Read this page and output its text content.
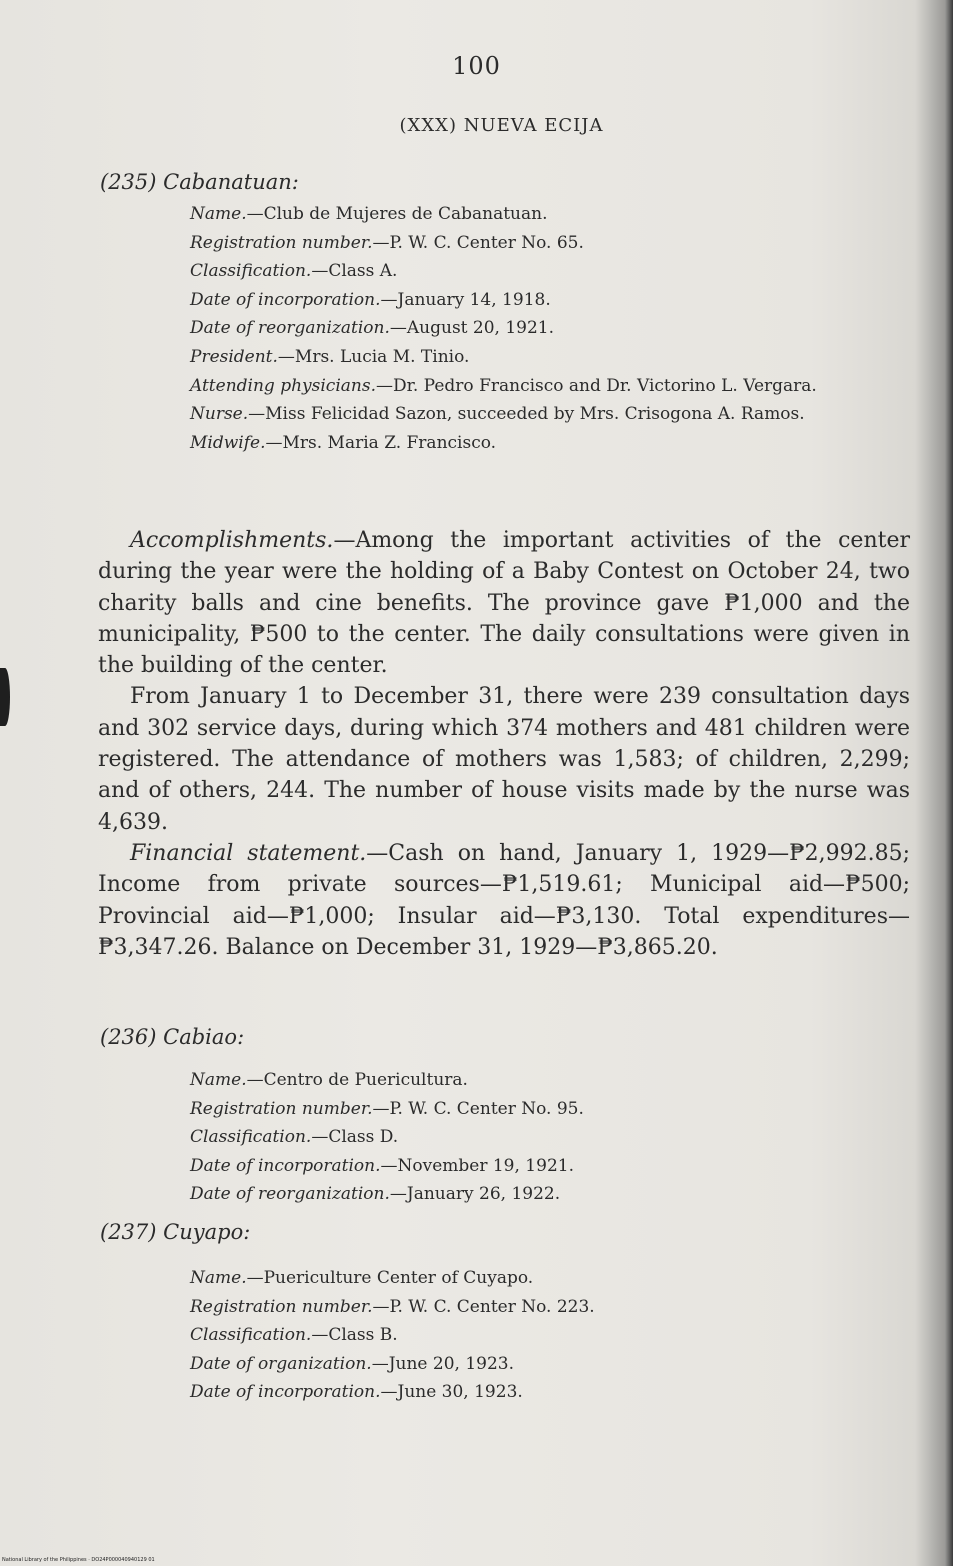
100
(XXX) NUEVA ECIJA
(235) Cabanatuan:
Name.—Club de Mujeres de Cabanatuan.
Registration number.—P. W. C. Center No. 65.
Classification.—Class A.
Date of incorporation.—January 14, 1918.
Date of reorganization.—August 20, 1921.
President.—Mrs. Lucia M. Tinio.
Attending physicians.—Dr. Pedro Francisco and Dr. Victorino L. Vergara.
Nurse.—Miss Felicidad Sazon, succeeded by Mrs. Crisogona A. Ramos.
Midwife.—Mrs. Maria Z. Francisco.

Accomplishments.—Among the important activities of the center during the year were the holding of a Baby Contest on October 24, two charity balls and cine benefits. The province gave ₱1,000 and the municipality, ₱500 to the center. The daily consultations were given in the building of the center.

From January 1 to December 31, there were 239 consultation days and 302 service days, during which 374 mothers and 481 children were registered. The attendance of mothers was 1,583; of children, 2,299; and of others, 244. The number of house visits made by the nurse was 4,639.

Financial statement.—Cash on hand, January 1, 1929—₱2,992.85; Income from private sources—₱1,519.61; Municipal aid—₱500; Provincial aid—₱1,000; Insular aid—₱3,130. Total expenditures—₱3,347.26. Balance on December 31, 1929—₱3,865.20.

(236) Cabiao:
Name.—Centro de Puericultura.
Registration number.—P. W. C. Center No. 95.
Classification.—Class D.
Date of incorporation.—November 19, 1921.
Date of reorganization.—January 26, 1922.
(237) Cuyapo:
Name.—Puericulture Center of Cuyapo.
Registration number.—P. W. C. Center No. 223.
Classification.—Class B.
Date of organization.—June 20, 1923.
Date of incorporation.—June 30, 1923.
National Library of the Philippines · DO24P000040940129 01
